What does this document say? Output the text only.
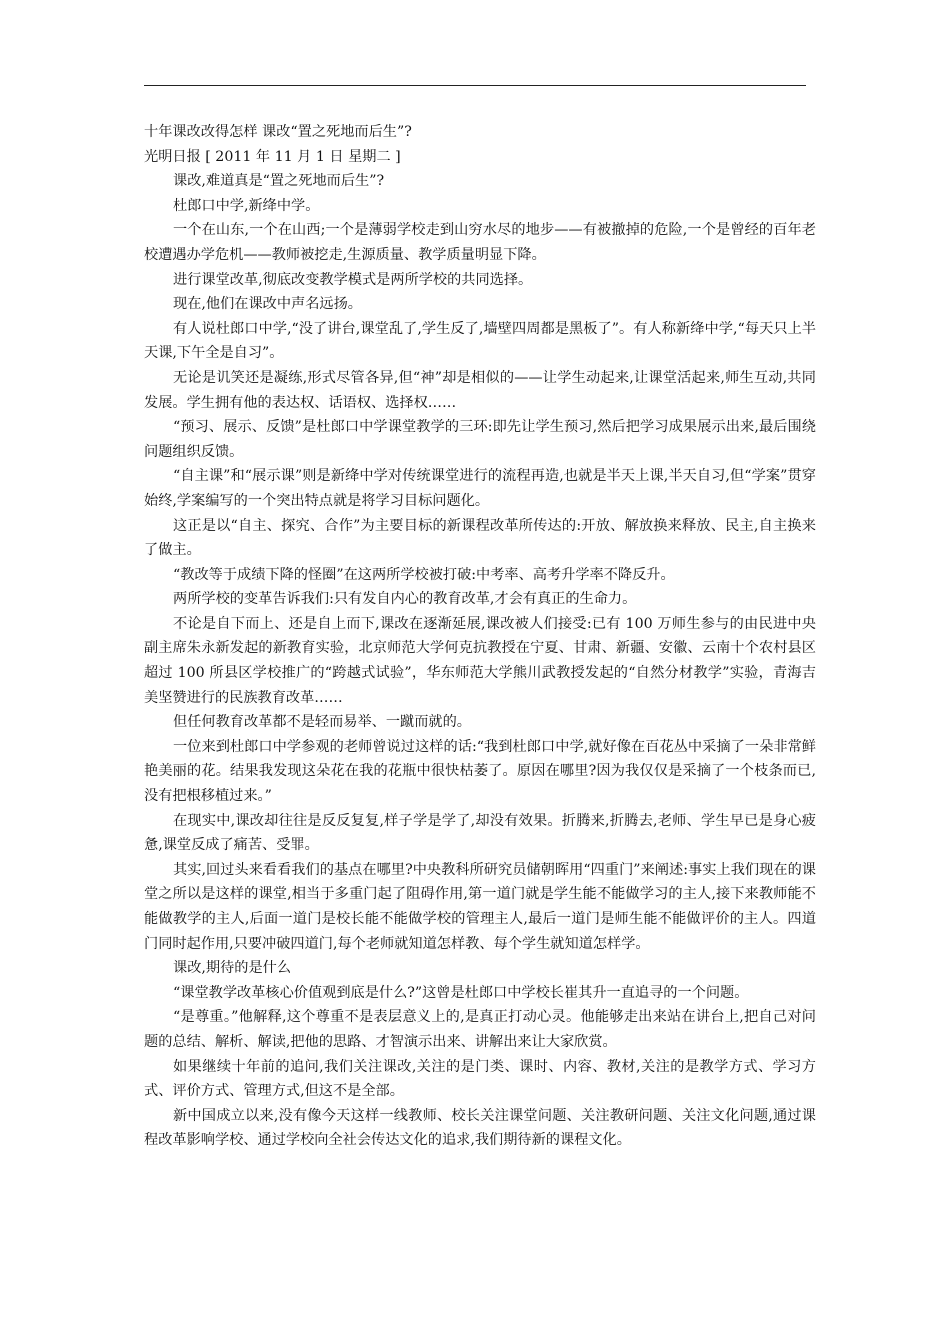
十年课改改得怎样 课改“置之死地而后生”?

光明日报 [ 2011 年 11 月 1 日 星期二 ]

课改,难道真是“置之死地而后生”?

杜郎口中学,新绛中学。

一个在山东,一个在山西;一个是薄弱学校走到山穷水尽的地步——有被撤掉的危险,一个是曾经的百年老校遭遇办学危机——教师被挖走,生源质量、教学质量明显下降。

进行课堂改革,彻底改变教学模式是两所学校的共同选择。

现在,他们在课改中声名远扬。

有人说杜郎口中学,“没了讲台,课堂乱了,学生反了,墙壁四周都是黑板了”。有人称新绛中学,“每天只上半天课,下午全是自习”。

无论是讥笑还是凝练,形式尽管各异,但“神”却是相似的——让学生动起来,让课堂活起来,师生互动,共同发展。学生拥有他的表达权、话语权、选择权……

“预习、展示、反馈”是杜郎口中学课堂教学的三环:即先让学生预习,然后把学习成果展示出来,最后围绕问题组织反馈。

“自主课”和“展示课”则是新绛中学对传统课堂进行的流程再造,也就是半天上课,半天自习,但“学案”贯穿始终,学案编写的一个突出特点就是将学习目标问题化。

这正是以“自主、探究、合作”为主要目标的新课程改革所传达的:开放、解放换来释放、民主,自主换来了做主。

“教改等于成绩下降的怪圈”在这两所学校被打破:中考率、高考升学率不降反升。

两所学校的变革告诉我们:只有发自内心的教育改革,才会有真正的生命力。

不论是自下而上、还是自上而下,课改在逐渐延展,课改被人们接受:已有 100 万师生参与的由民进中央副主席朱永新发起的新教育实验，北京师范大学何克抗教授在宁夏、甘肃、新疆、安徽、云南十个农村县区超过 100 所县区学校推广的“跨越式试验”，华东师范大学熊川武教授发起的“自然分材教学”实验，青海吉美坚赞进行的民族教育改革……

但任何教育改革都不是轻而易举、一蹴而就的。

一位来到杜郎口中学参观的老师曾说过这样的话:“我到杜郎口中学,就好像在百花丛中采摘了一朵非常鲜艳美丽的花。结果我发现这朵花在我的花瓶中很快枯萎了。原因在哪里?因为我仅仅是采摘了一个枝条而已,没有把根移植过来。”

在现实中,课改却往往是反反复复,样子学是学了,却没有效果。折腾来,折腾去,老师、学生早已是身心疲惫,课堂反成了痛苦、受罪。

其实,回过头来看看我们的基点在哪里?中央教科所研究员储朝晖用“四重门”来阐述:事实上我们现在的课堂之所以是这样的课堂,相当于多重门起了阻碍作用,第一道门就是学生能不能做学习的主人,接下来教师能不能做教学的主人,后面一道门是校长能不能做学校的管理主人,最后一道门是师生能不能做评价的主人。四道门同时起作用,只要冲破四道门,每个老师就知道怎样教、每个学生就知道怎样学。

课改,期待的是什么

“课堂教学改革核心价值观到底是什么?”这曾是杜郎口中学校长崔其升一直追寻的一个问题。

“是尊重。”他解释,这个尊重不是表层意义上的,是真正打动心灵。他能够走出来站在讲台上,把自己对问题的总结、解析、解读,把他的思路、才智演示出来、讲解出来让大家欣赏。

如果继续十年前的追问,我们关注课改,关注的是门类、课时、内容、教材,关注的是教学方式、学习方式、评价方式、管理方式,但这不是全部。

新中国成立以来,没有像今天这样一线教师、校长关注课堂问题、关注教研问题、关注文化问题,通过课程改革影响学校、通过学校向全社会传达文化的追求,我们期待新的课程文化。
